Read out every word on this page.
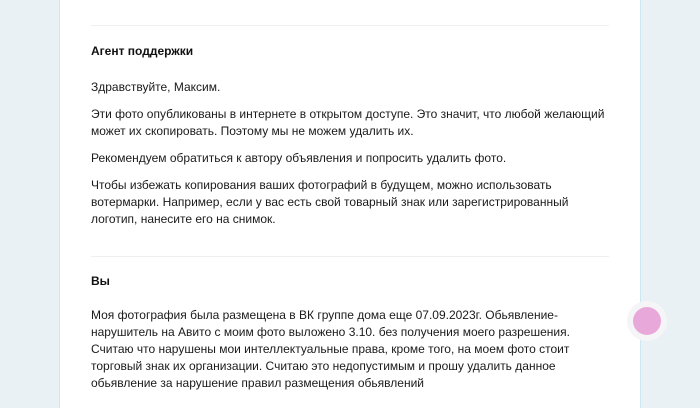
Агент поддержки

Здравствуйте, Максим.

Эти фото опубликованы в интернете в открытом доступе. Это значит, что любой желающий может их скопировать. Поэтому мы не можем удалить их.

Рекомендуем обратиться к автору объявления и попросить удалить фото.

Чтобы избежать копирования ваших фотографий в будущем, можно использовать вотермарки. Например, если у вас есть свой товарный знак или зарегистрированный логотип, нанесите его на снимок.

Вы

Моя фотография была размещена в ВК группе дома еще 07.09.2023г. Обьявление-нарушитель на Авито с моим фото выложено 3.10. без получения моего разрешения. Считаю что нарушены мои интеллектуальные права, кроме того, на моем фото стоит торговый знак их организации. Считаю это недопустимым и прошу удалить данное обьявление за нарушение правил размещения обьявлений
